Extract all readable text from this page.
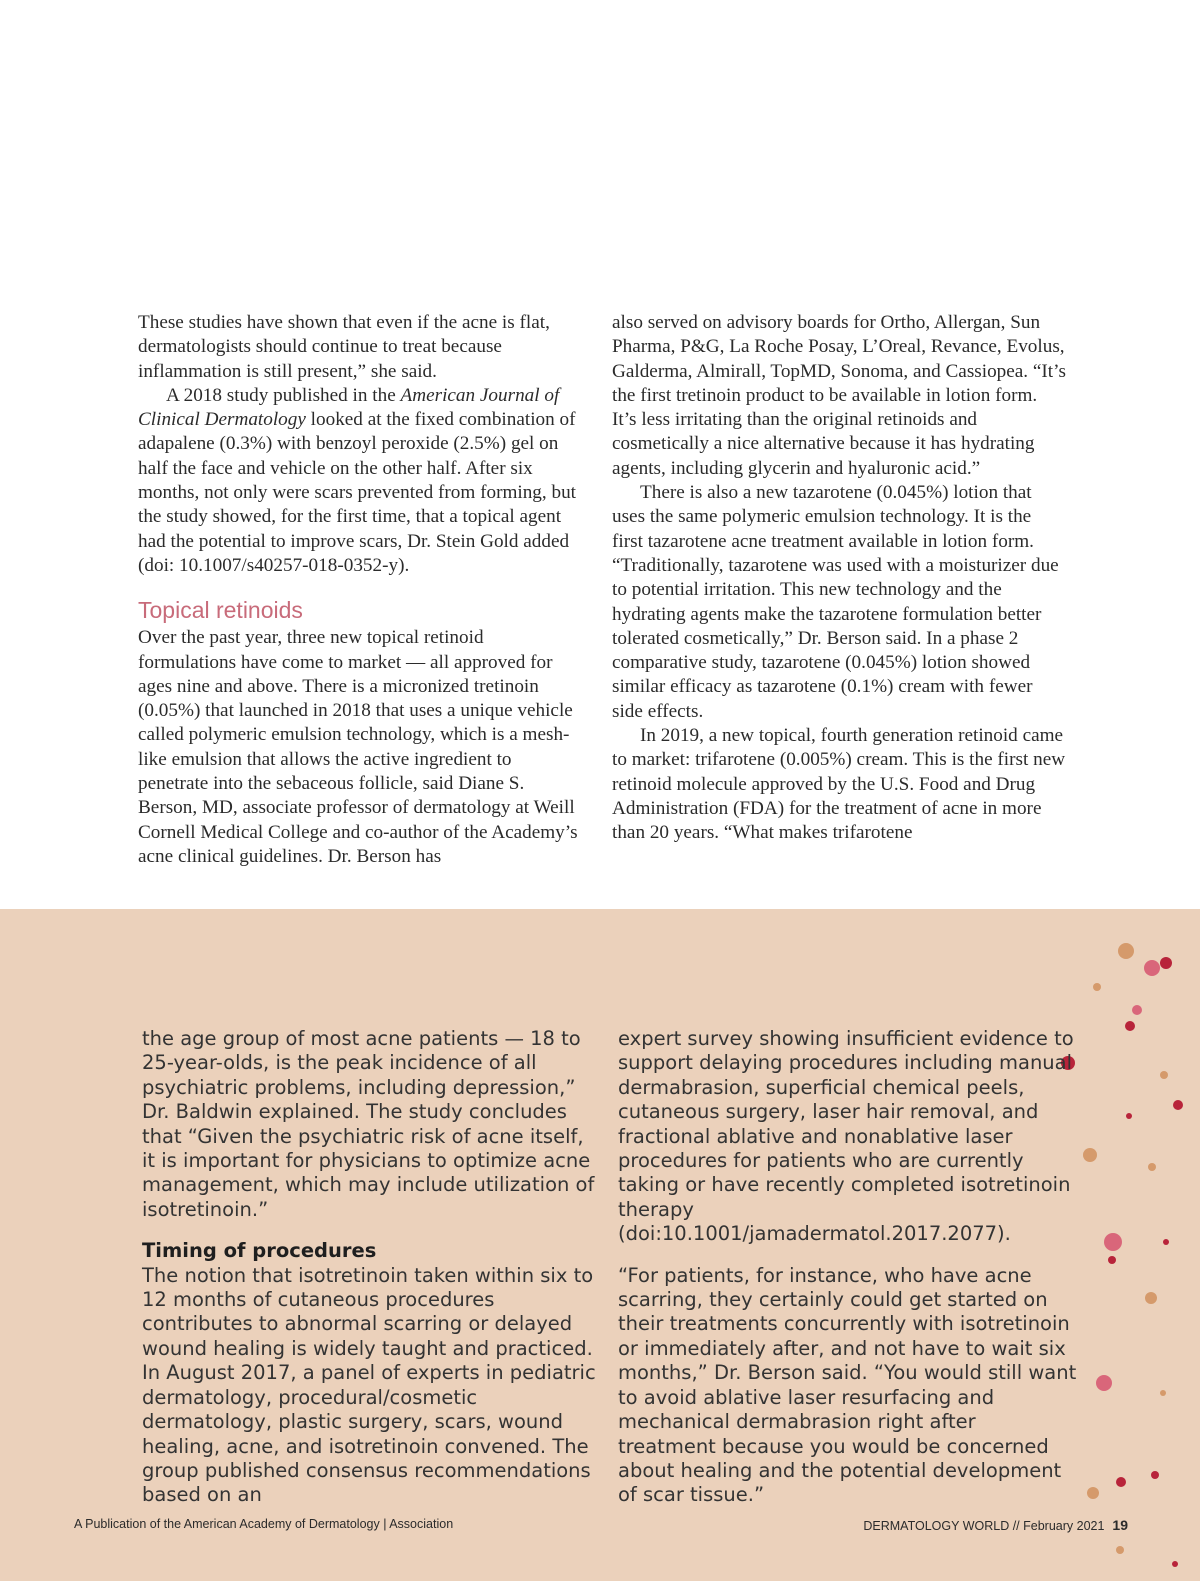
These studies have shown that even if the acne is flat, dermatologists should continue to treat because inflammation is still present,” she said.

A 2018 study published in the American Journal of Clinical Dermatology looked at the fixed combination of adapalene (0.3%) with benzoyl peroxide (2.5%) gel on half the face and vehicle on the other half. After six months, not only were scars prevented from forming, but the study showed, for the first time, that a topical agent had the potential to improve scars, Dr. Stein Gold added (doi: 10.1007/s40257-018-0352-y).

Topical retinoids

Over the past year, three new topical retinoid formulations have come to market — all approved for ages nine and above. There is a micronized tretinoin (0.05%) that launched in 2018 that uses a unique vehicle called polymeric emulsion technology, which is a mesh-like emulsion that allows the active ingredient to penetrate into the sebaceous follicle, said Diane S. Berson, MD, associate professor of dermatology at Weill Cornell Medical College and co-author of the Academy’s acne clinical guidelines. Dr. Berson has

also served on advisory boards for Ortho, Allergan, Sun Pharma, P&G, La Roche Posay, L’Oreal, Revance, Evolus, Galderma, Almirall, TopMD, Sonoma, and Cassiopea. “It’s the first tretinoin product to be available in lotion form. It’s less irritating than the original retinoids and cosmetically a nice alternative because it has hydrating agents, including glycerin and hyaluronic acid.”

There is also a new tazarotene (0.045%) lotion that uses the same polymeric emulsion technology. It is the first tazarotene acne treatment available in lotion form. “Traditionally, tazarotene was used with a moisturizer due to potential irritation. This new technology and the hydrating agents make the tazarotene formulation better tolerated cosmetically,” Dr. Berson said. In a phase 2 comparative study, tazarotene (0.045%) lotion showed similar efficacy as tazarotene (0.1%) cream with fewer side effects.

In 2019, a new topical, fourth generation retinoid came to market: trifarotene (0.005%) cream. This is the first new retinoid molecule approved by the U.S. Food and Drug Administration (FDA) for the treatment of acne in more than 20 years. “What makes trifarotene

the age group of most acne patients — 18 to 25-year-olds, is the peak incidence of all psychiatric problems, including depression,” Dr. Baldwin explained. The study concludes that “Given the psychiatric risk of acne itself, it is important for physicians to optimize acne management, which may include utilization of isotretinoin.”

Timing of procedures

The notion that isotretinoin taken within six to 12 months of cutaneous procedures contributes to abnormal scarring or delayed wound healing is widely taught and practiced. In August 2017, a panel of experts in pediatric dermatology, procedural/cosmetic dermatology, plastic surgery, scars, wound healing, acne, and isotretinoin convened. The group published consensus recommendations based on an

expert survey showing insufficient evidence to support delaying procedures including manual dermabrasion, superficial chemical peels, cutaneous surgery, laser hair removal, and fractional ablative and nonablative laser procedures for patients who are currently taking or have recently completed isotretinoin therapy (doi:10.1001/jamadermatol.2017.2077).

“For patients, for instance, who have acne scarring, they certainly could get started on their treatments concurrently with isotretinoin or immediately after, and not have to wait six months,” Dr. Berson said. “You would still want to avoid ablative laser resurfacing and mechanical dermabrasion right after treatment because you would be concerned about healing and the potential development of scar tissue.”

A Publication of the American Academy of Dermatology | Association	DERMATOLOGY WORLD // February 2021 19
